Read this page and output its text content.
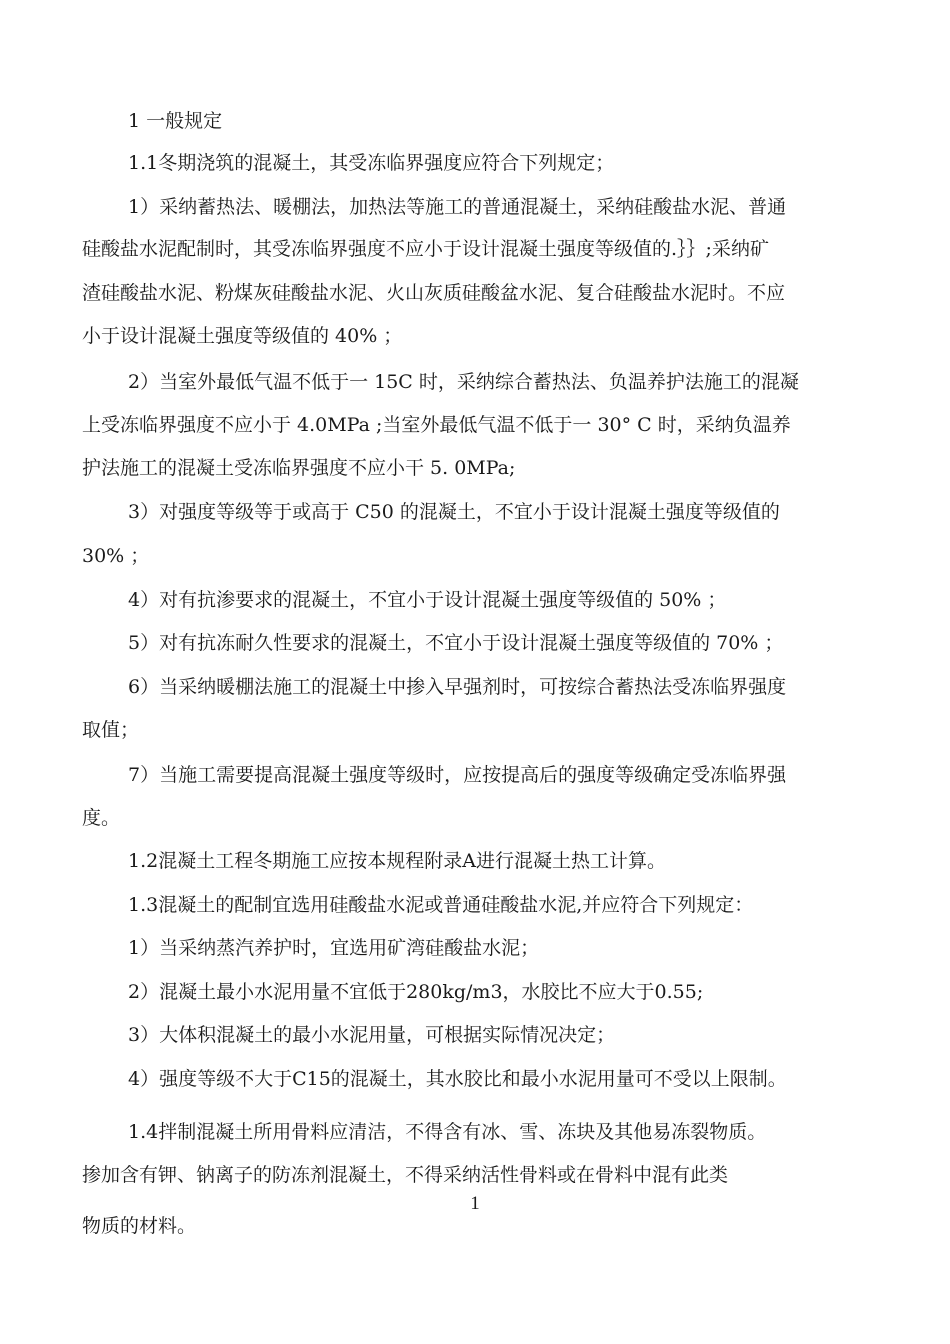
1 一般规定

1.1冬期浇筑的混凝土，其受冻临界强度应符合下列规定；

1）采纳蓄热法、暖棚法，加热法等施工的普通混凝土，采纳硅酸盐水泥、普通

硅酸盐水泥配制时，其受冻临界强度不应小于设计混凝土强度等级值的.｝｝;采纳矿

渣硅酸盐水泥、粉煤灰硅酸盐水泥、火山灰质硅酸盆水泥、复合硅酸盐水泥时。不应

小于设计混凝土强度等级值的 40% ；

2）当室外最低气温不低于一 15C 时，采纳综合蓄热法、负温养护法施工的混凝

上受冻临界强度不应小于 4.0MPa ;当室外最低气温不低于一 30° C 时，采纳负温养

护法施工的混凝土受冻临界强度不应小干 5. 0MPa;

3）对强度等级等于或高于 C50 的混凝土，不宜小于设计混凝土强度等级值的

30% ；

4）对有抗渗要求的混凝土，不宜小于设计混凝土强度等级值的 50% ；

5）对有抗冻耐久性要求的混凝土，不宜小于设计混凝土强度等级值的 70% ；

6）当采纳暖棚法施工的混凝土中掺入早强剂时，可按综合蓄热法受冻临界强度

取值；

7）当施工需要提高混凝土强度等级时，应按提高后的强度等级确定受冻临界强

度。

1.2混凝土工程冬期施工应按本规程附录A进行混凝土热工计算。

1.3混凝土的配制宜选用硅酸盐水泥或普通硅酸盐水泥,并应符合下列规定：

1）当采纳蒸汽养护时，宜选用矿湾硅酸盐水泥；

2）混凝土最小水泥用量不宜低于280kg/m3，水胶比不应大于0.55;

3）大体积混凝土的最小水泥用量，可根据实际情况决定；

4）强度等级不大于C15的混凝土，其水胶比和最小水泥用量可不受以上限制。

1.4拌制混凝土所用骨料应清洁，不得含有冰、雪、冻块及其他易冻裂物质。

掺加含有钾、钠离子的防冻剂混凝土，不得采纳活性骨料或在骨料中混有此类

物质的材料。

1
